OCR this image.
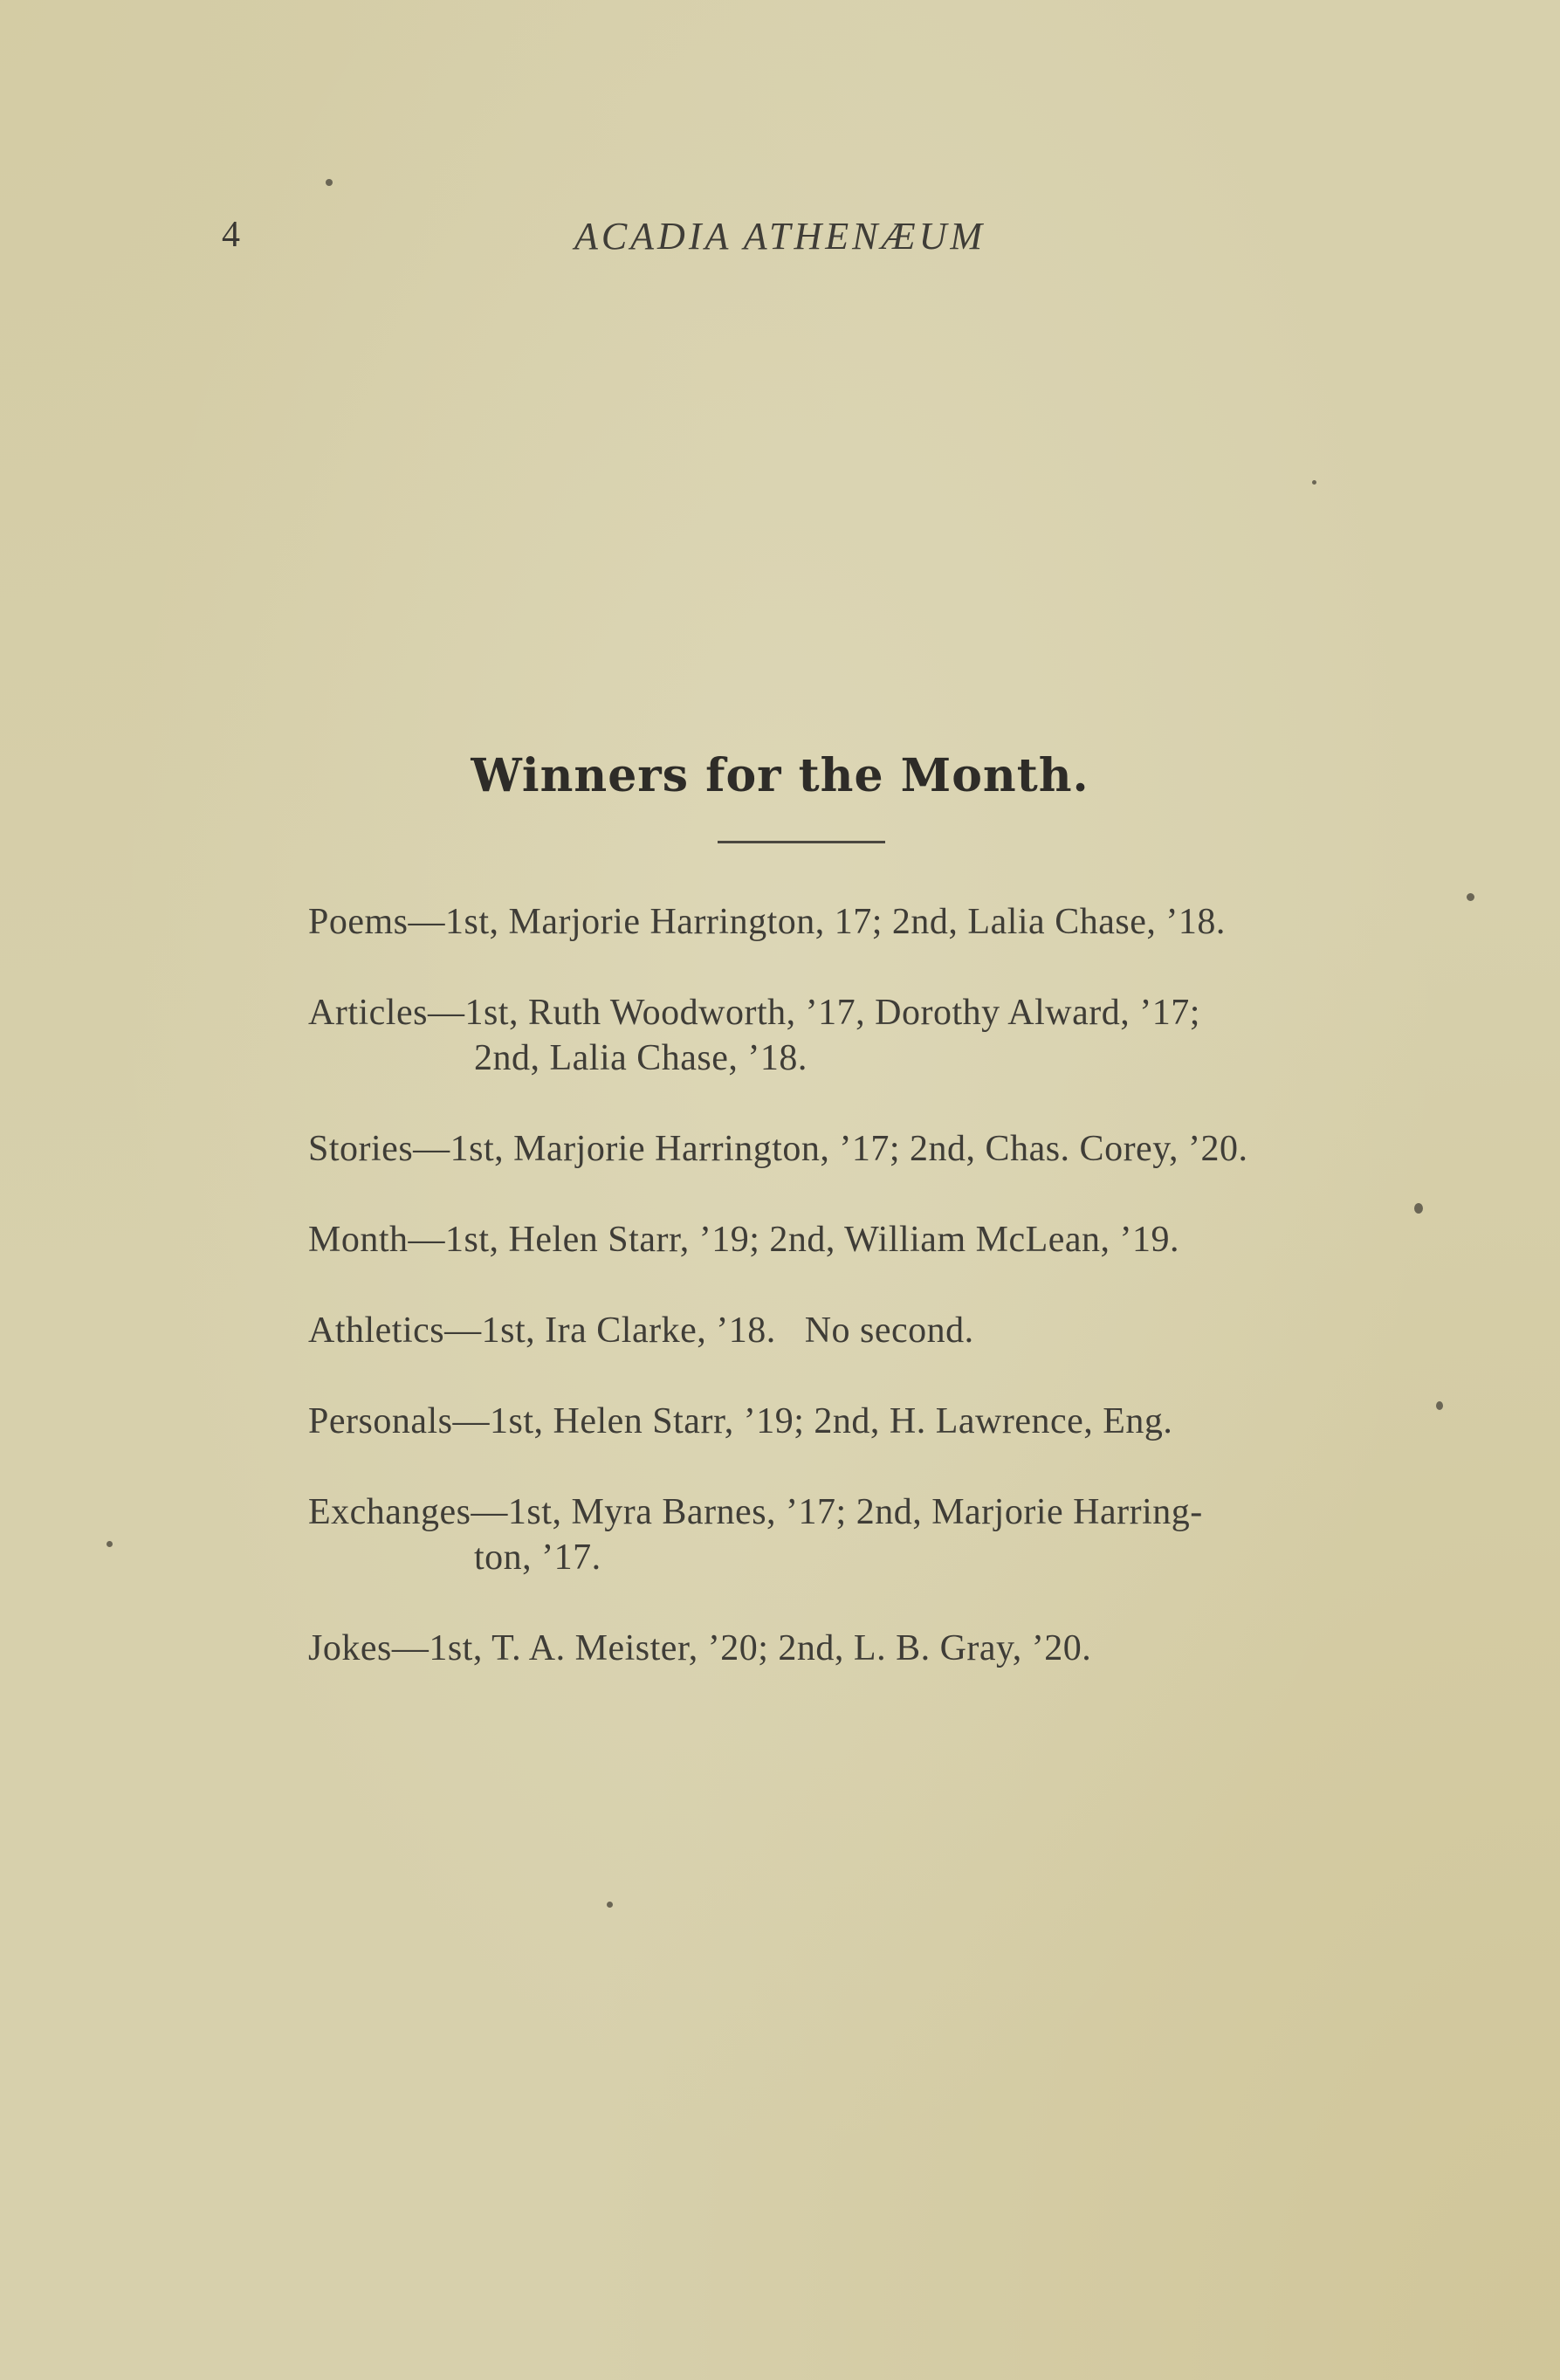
4	ACADIA ATHENÆUM
Winners for the Month.
Poems—1st, Marjorie Harrington, 17; 2nd, Lalia Chase, ’18.
Articles—1st, Ruth Woodworth, ’17, Dorothy Alward, ’17;
2nd, Lalia Chase, ’18.
Stories—1st, Marjorie Harrington, ’17; 2nd, Chas. Corey, ’20.
Month—1st, Helen Starr, ’19; 2nd, William McLean, ’19.
Athletics—1st, Ira Clarke, ’18.   No second.
Personals—1st, Helen Starr, ’19; 2nd, H. Lawrence, Eng.
Exchanges—1st, Myra Barnes, ’17; 2nd, Marjorie Harring-
ton, ’17.
Jokes—1st, T. A. Meister, ’20; 2nd, L. B. Gray, ’20.
